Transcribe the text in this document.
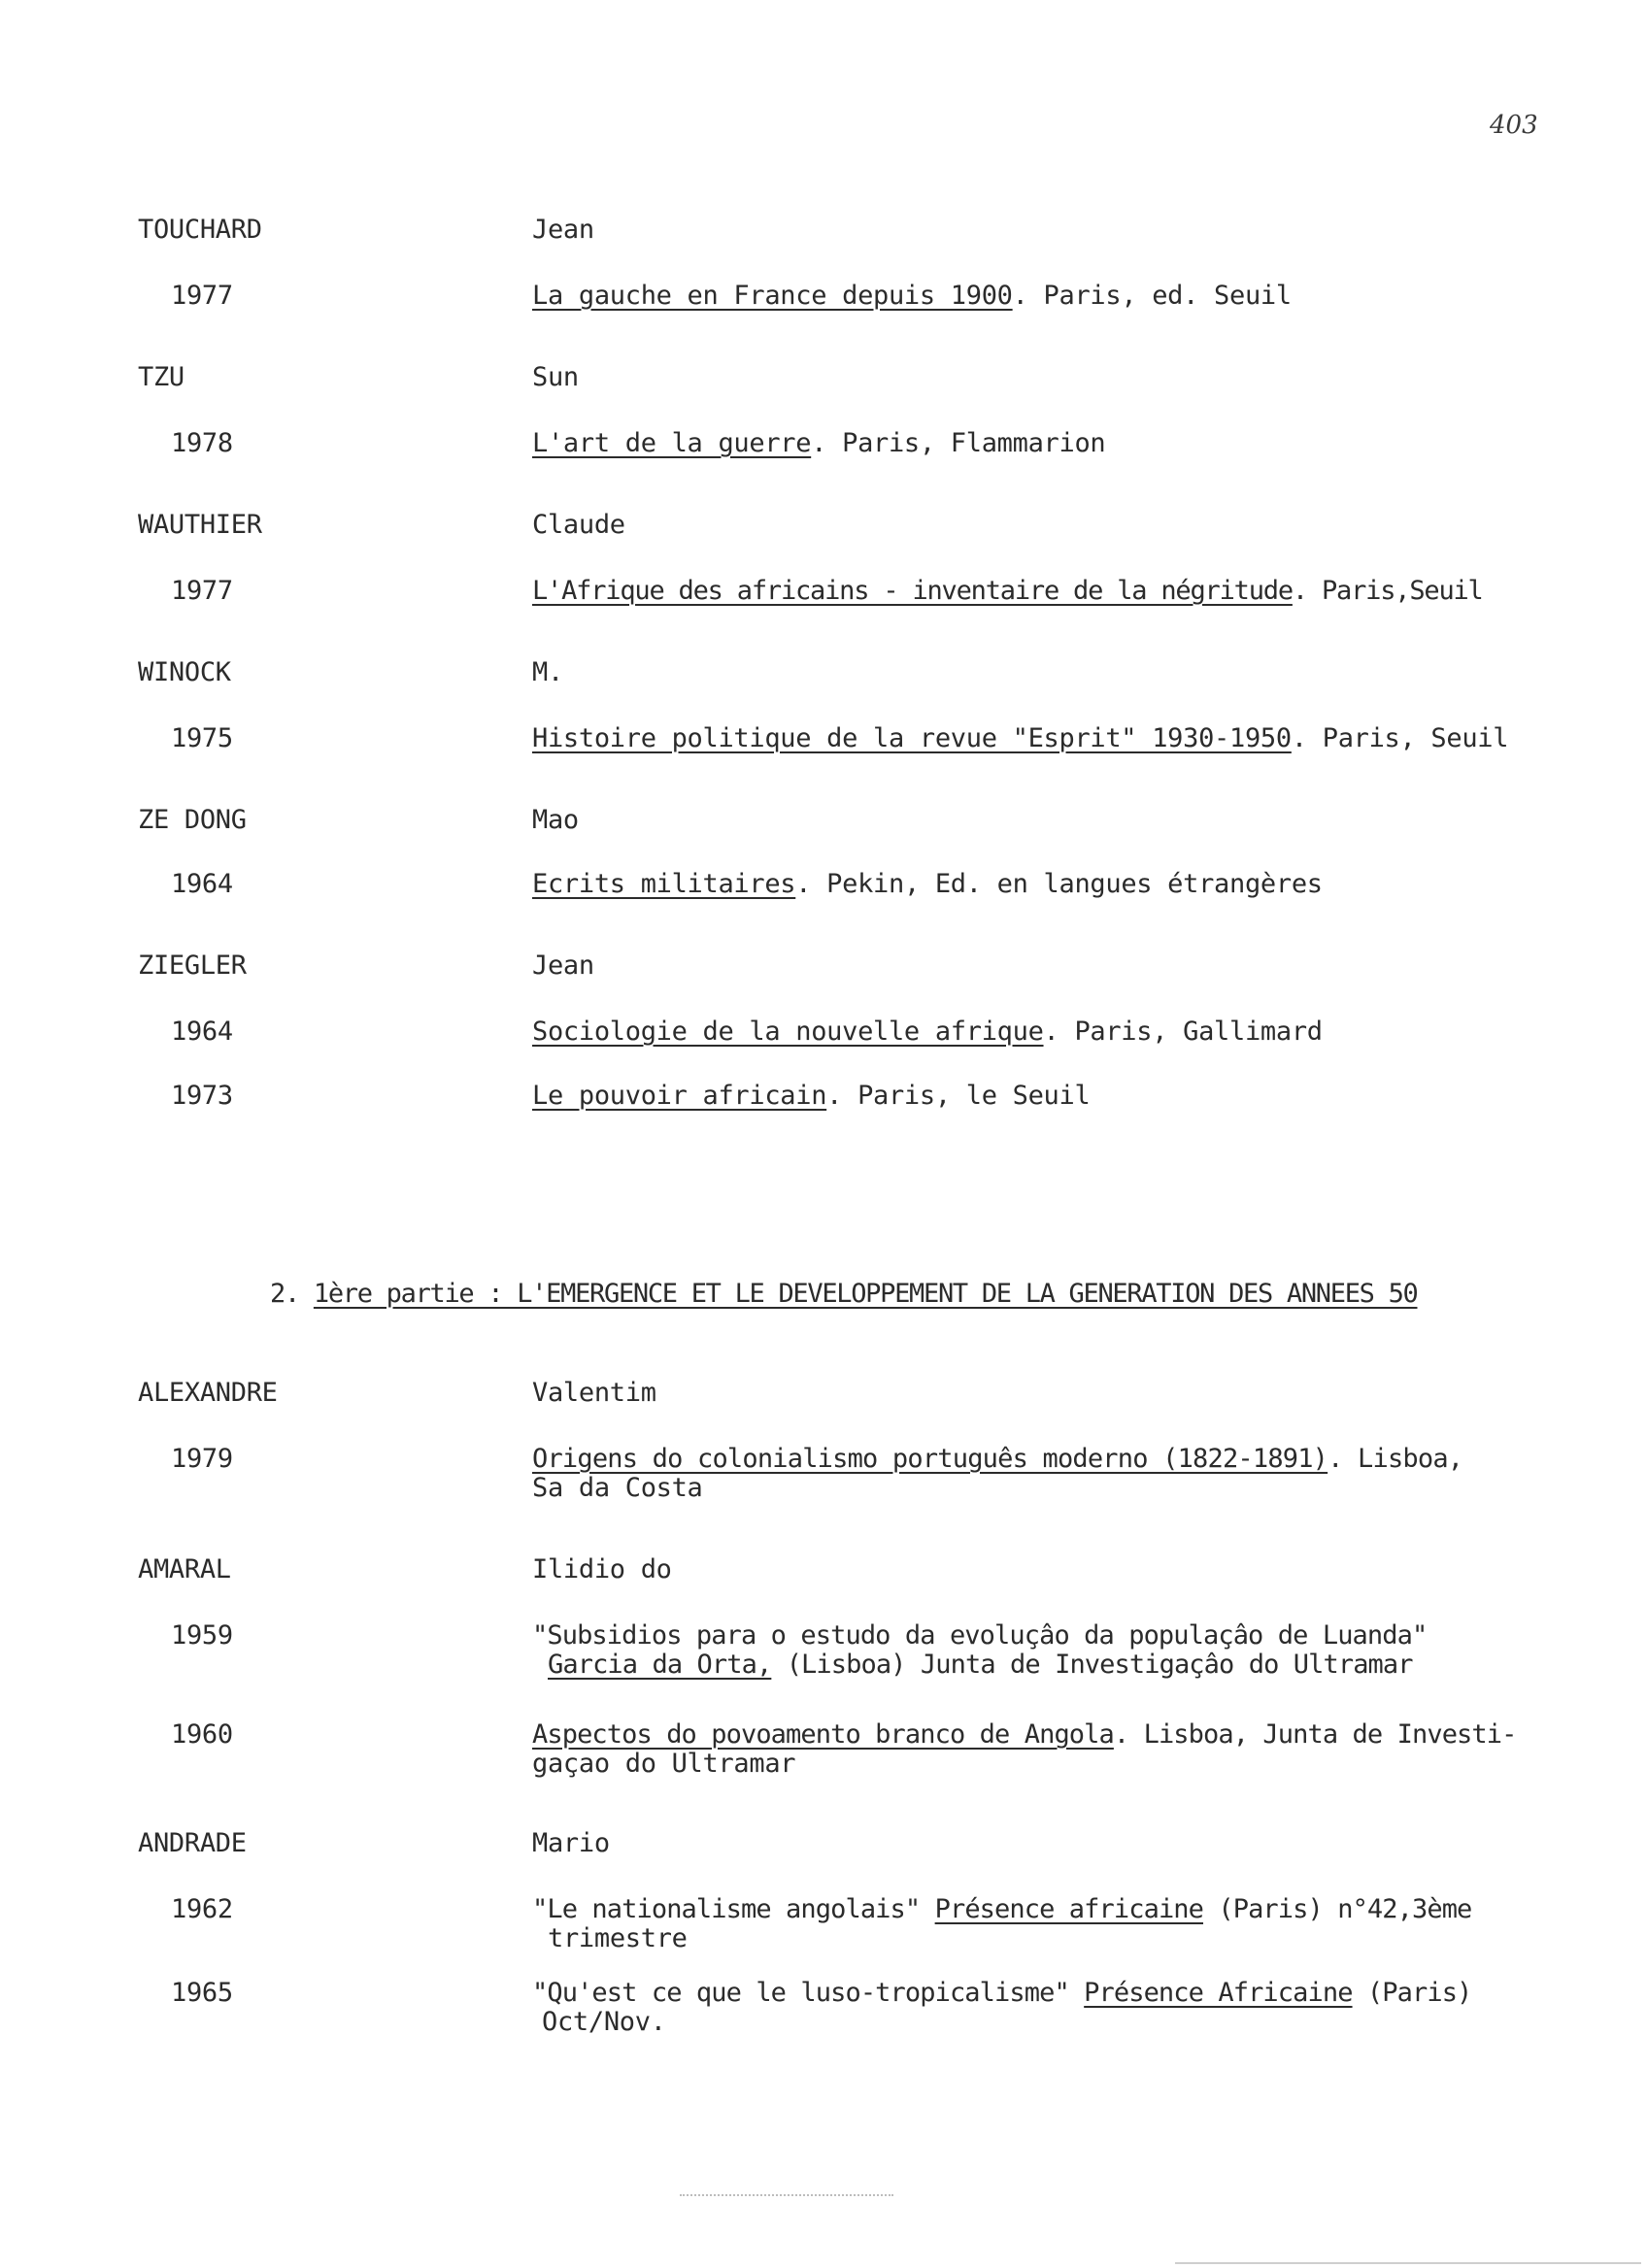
403
TOUCHARD	Jean
1977	La gauche en France depuis 1900. Paris, ed. Seuil
TZU	Sun
1978	L'art de la guerre. Paris, Flammarion
WAUTHIER	Claude
1977	L'Afrique des africains - inventaire de la négritude. Paris,Seuil
WINOCK	M.
1975	Histoire politique de la revue "Esprit" 1930-1950. Paris, Seuil
ZE DONG	Mao
1964	Ecrits militaires. Pekin, Ed. en langues étrangères
ZIEGLER	Jean
1964	Sociologie de la nouvelle afrique. Paris, Gallimard
1973	Le pouvoir africain. Paris, le Seuil
2. 1ère partie : L'EMERGENCE ET LE DEVELOPPEMENT DE LA GENERATION DES ANNEES 50
ALEXANDRE	Valentim
1979	Origens do colonialismo português moderno (1822-1891). Lisboa,
Sa da Costa
AMARAL	Ilidio do
1959	"Subsidios para o estudo da evoluçâo da populaçâo de Luanda"
Garcia da Orta, (Lisboa) Junta de Investigaçâo do Ultramar
1960	Aspectos do povoamento branco de Angola. Lisboa, Junta de Investi-
gaçao do Ultramar
ANDRADE	Mario
1962	"Le nationalisme angolais" Présence africaine (Paris) n°42,3ème
trimestre
1965	"Qu'est ce que le luso-tropicalisme" Présence Africaine (Paris)
Oct/Nov.
